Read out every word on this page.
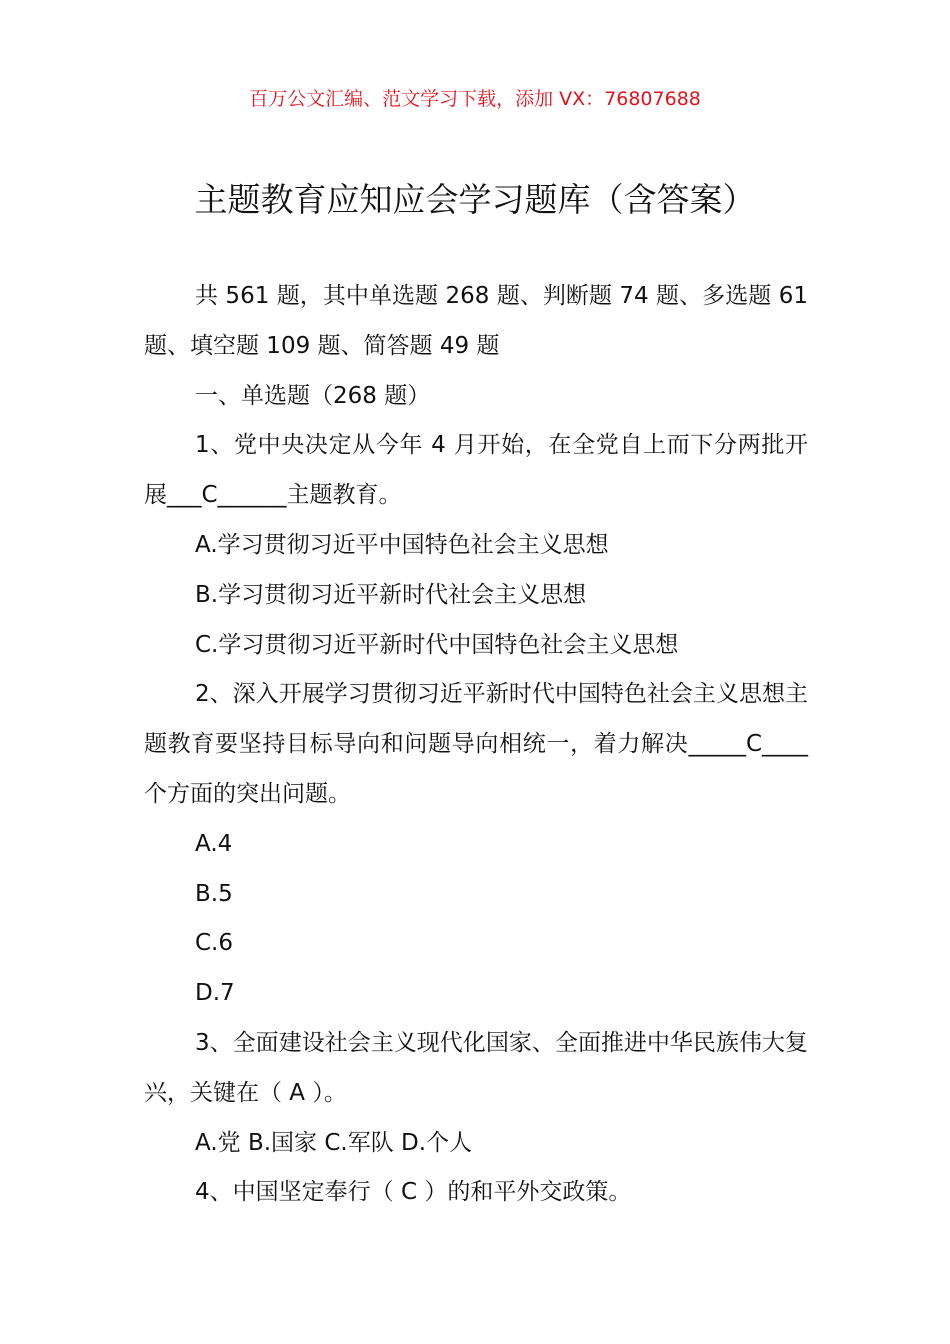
百万公文汇编、范文学习下载，添加 VX：76807688
主题教育应知应会学习题库（含答案）

共 561 题，其中单选题 268 题、判断题 74 题、多选题 61 题、填空题 109 题、简答题 49 题

一、单选题（268 题）

1、党中央决定从今年 4 月开始，在全党自上而下分两批开展___C______主题教育。

A.学习贯彻习近平中国特色社会主义思想

B.学习贯彻习近平新时代社会主义思想

C.学习贯彻习近平新时代中国特色社会主义思想

2、深入开展学习贯彻习近平新时代中国特色社会主义思想主题教育要坚持目标导向和问题导向相统一，着力解决_____C____个方面的突出问题。

A.4

B.5

C.6

D.7

3、全面建设社会主义现代化国家、全面推进中华民族伟大复兴，关键在（ A ）。

A.党 B.国家 C.军队 D.个人

4、中国坚定奉行（ C ）的和平外交政策。
